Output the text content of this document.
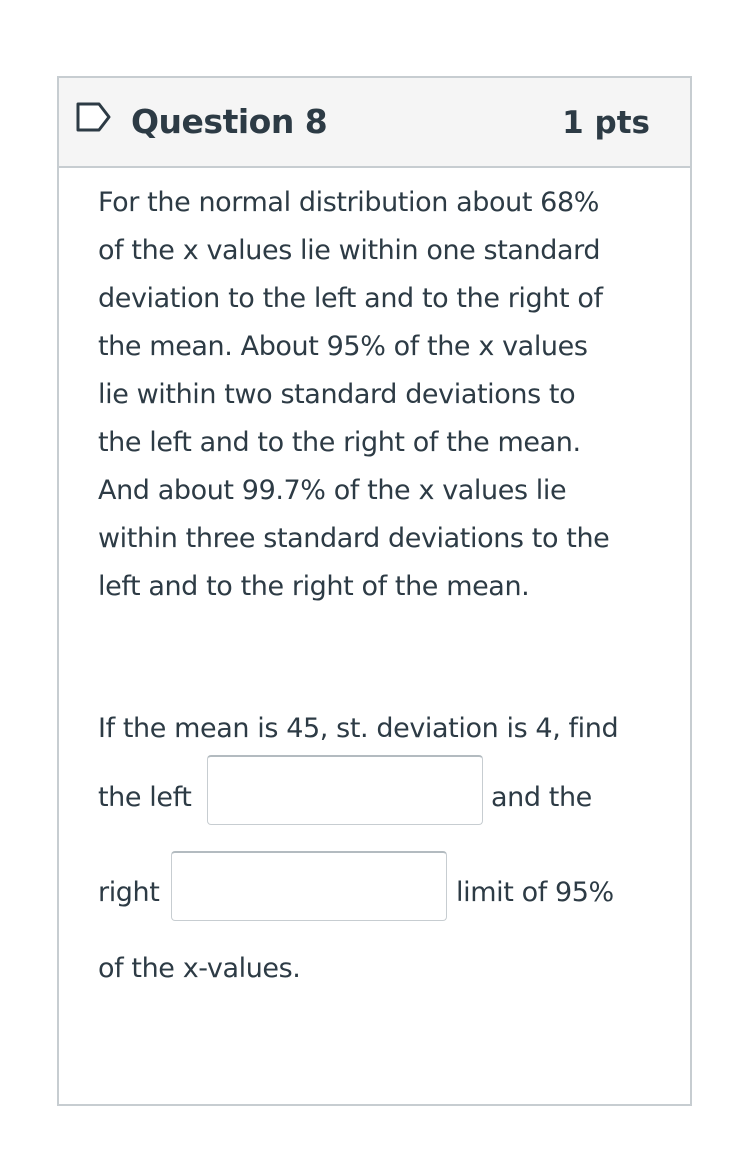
Question 8	1 pts
For the normal distribution about 68%
of the x values lie within one standard
deviation to the left and to the right of
the mean. About 95% of the x values
lie within two standard deviations to
the left and to the right of the mean.
And about 99.7% of the x values lie
within three standard deviations to the
left and to the right of the mean.
If the mean is 45, st. deviation is 4, find
the left	and the
right	limit of 95%
of the x-values.
